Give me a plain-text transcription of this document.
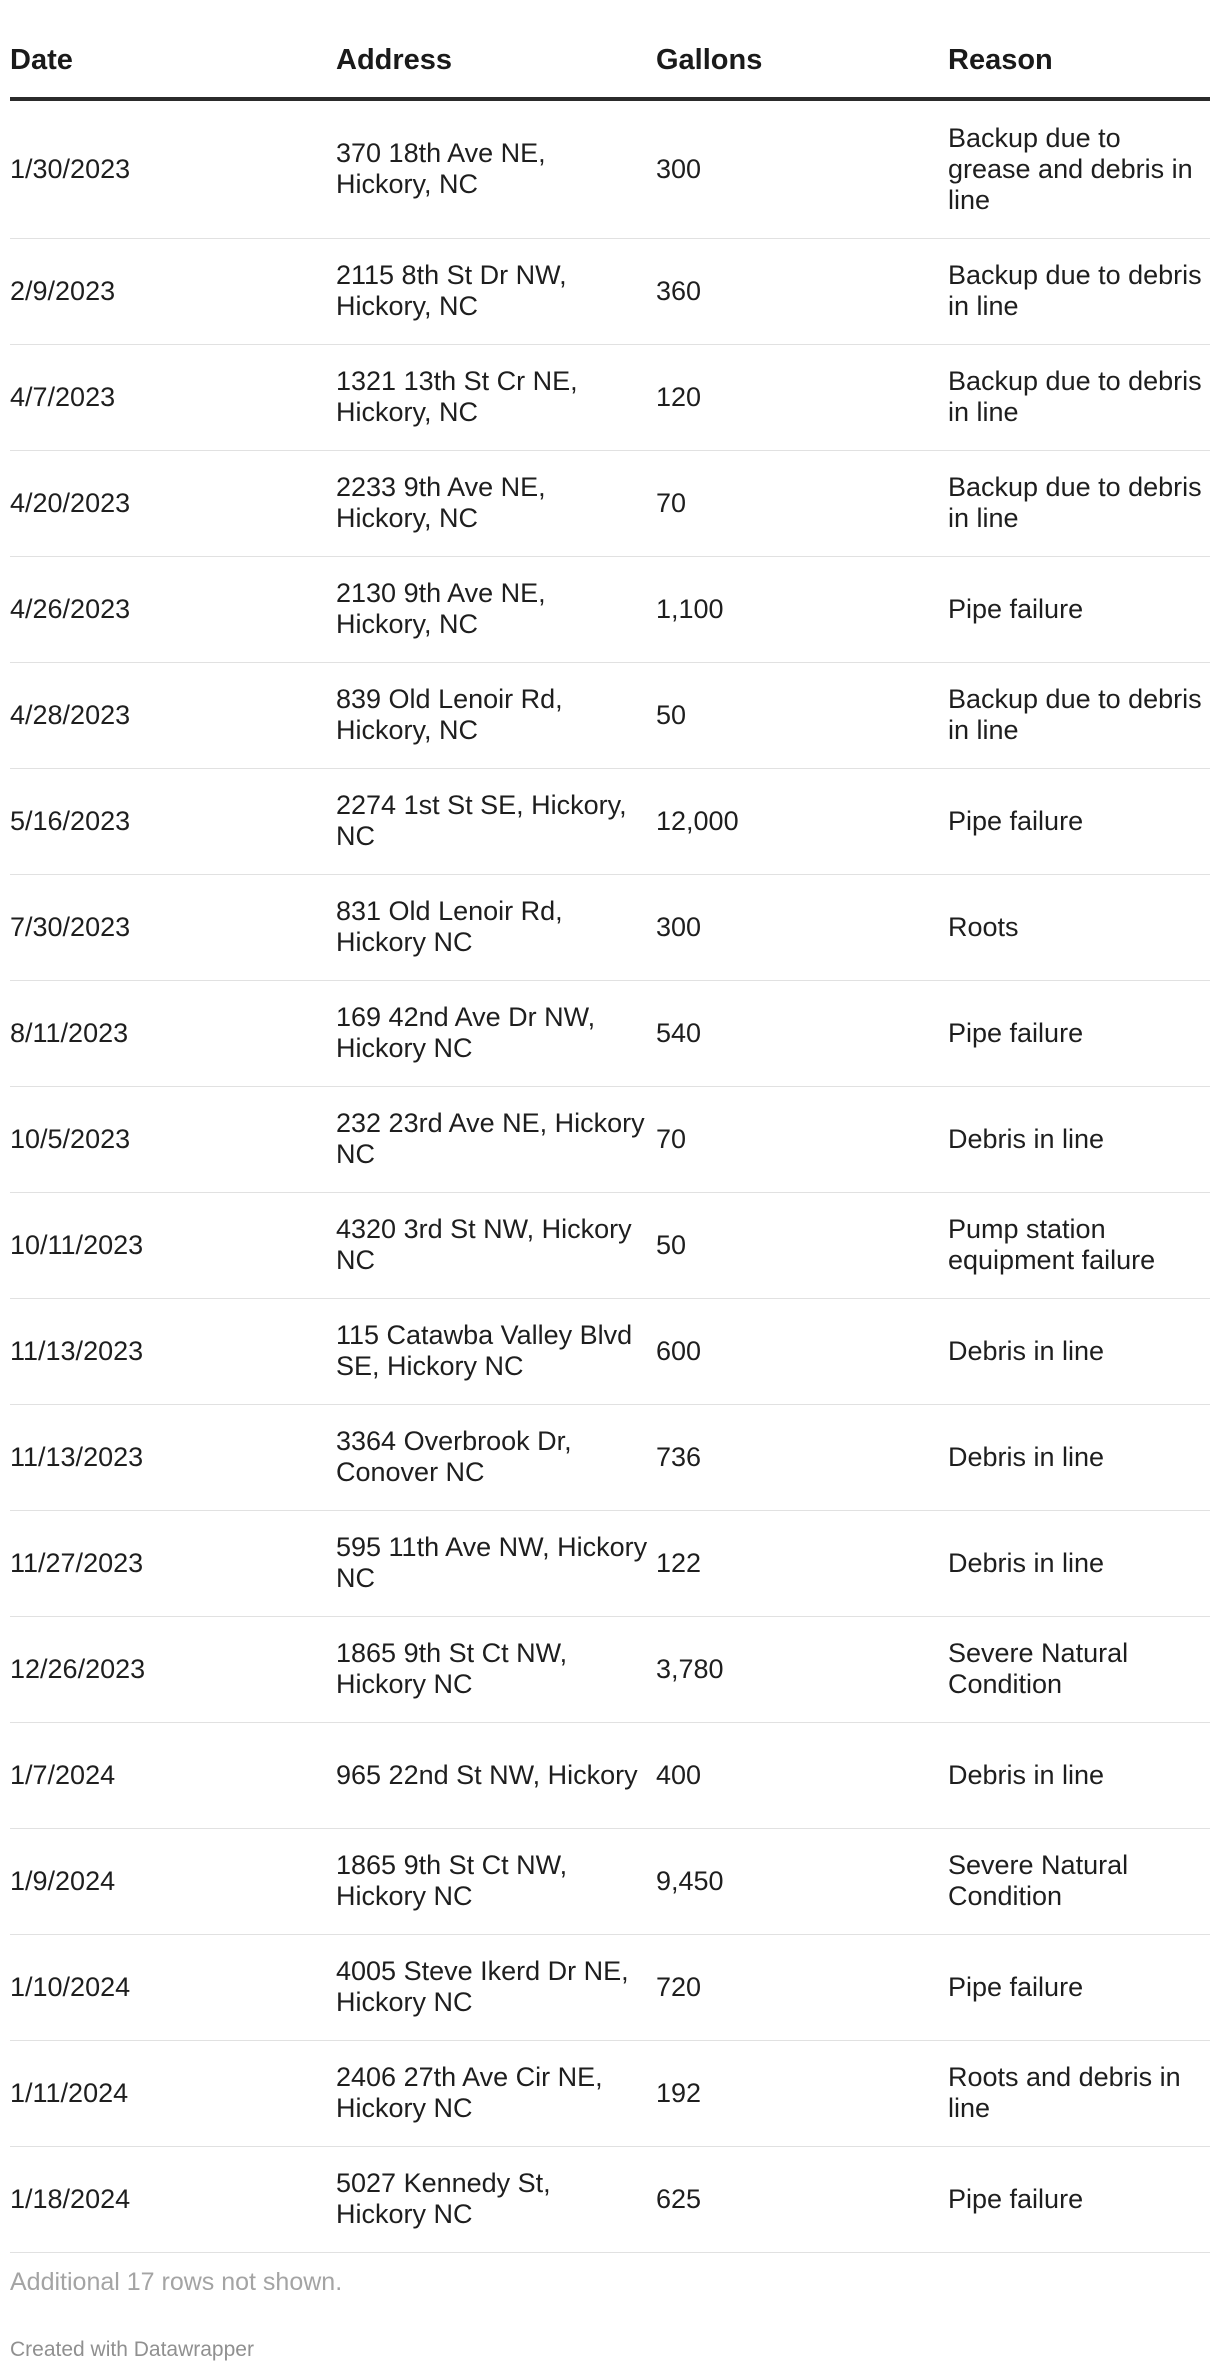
Date	Address	Gallons	Reason
1/30/2023	370 18th Ave NE, Hickory, NC	300	Backup due to grease and debris in line
2/9/2023	2115 8th St Dr NW, Hickory, NC	360	Backup due to debris in line
4/7/2023	1321 13th St Cr NE, Hickory, NC	120	Backup due to debris in line
4/20/2023	2233 9th Ave NE, Hickory, NC	70	Backup due to debris in line
4/26/2023	2130 9th Ave NE, Hickory, NC	1,100	Pipe failure
4/28/2023	839 Old Lenoir Rd, Hickory, NC	50	Backup due to debris in line
5/16/2023	2274 1st St SE, Hickory, NC	12,000	Pipe failure
7/30/2023	831 Old Lenoir Rd, Hickory NC	300	Roots
8/11/2023	169 42nd Ave Dr NW, Hickory NC	540	Pipe failure
10/5/2023	232 23rd Ave NE, Hickory NC	70	Debris in line
10/11/2023	4320 3rd St NW, Hickory NC	50	Pump station equipment failure
11/13/2023	115 Catawba Valley Blvd SE, Hickory NC	600	Debris in line
11/13/2023	3364 Overbrook Dr, Conover NC	736	Debris in line
11/27/2023	595 11th Ave NW, Hickory NC	122	Debris in line
12/26/2023	1865 9th St Ct NW, Hickory NC	3,780	Severe Natural Condition
1/7/2024	965 22nd St NW, Hickory	400	Debris in line
1/9/2024	1865 9th St Ct NW, Hickory NC	9,450	Severe Natural Condition
1/10/2024	4005 Steve Ikerd Dr NE, Hickory NC	720	Pipe failure
1/11/2024	2406 27th Ave Cir NE, Hickory NC	192	Roots and debris in line
1/18/2024	5027 Kennedy St, Hickory NC	625	Pipe failure
Additional 17 rows not shown.
Created with Datawrapper
